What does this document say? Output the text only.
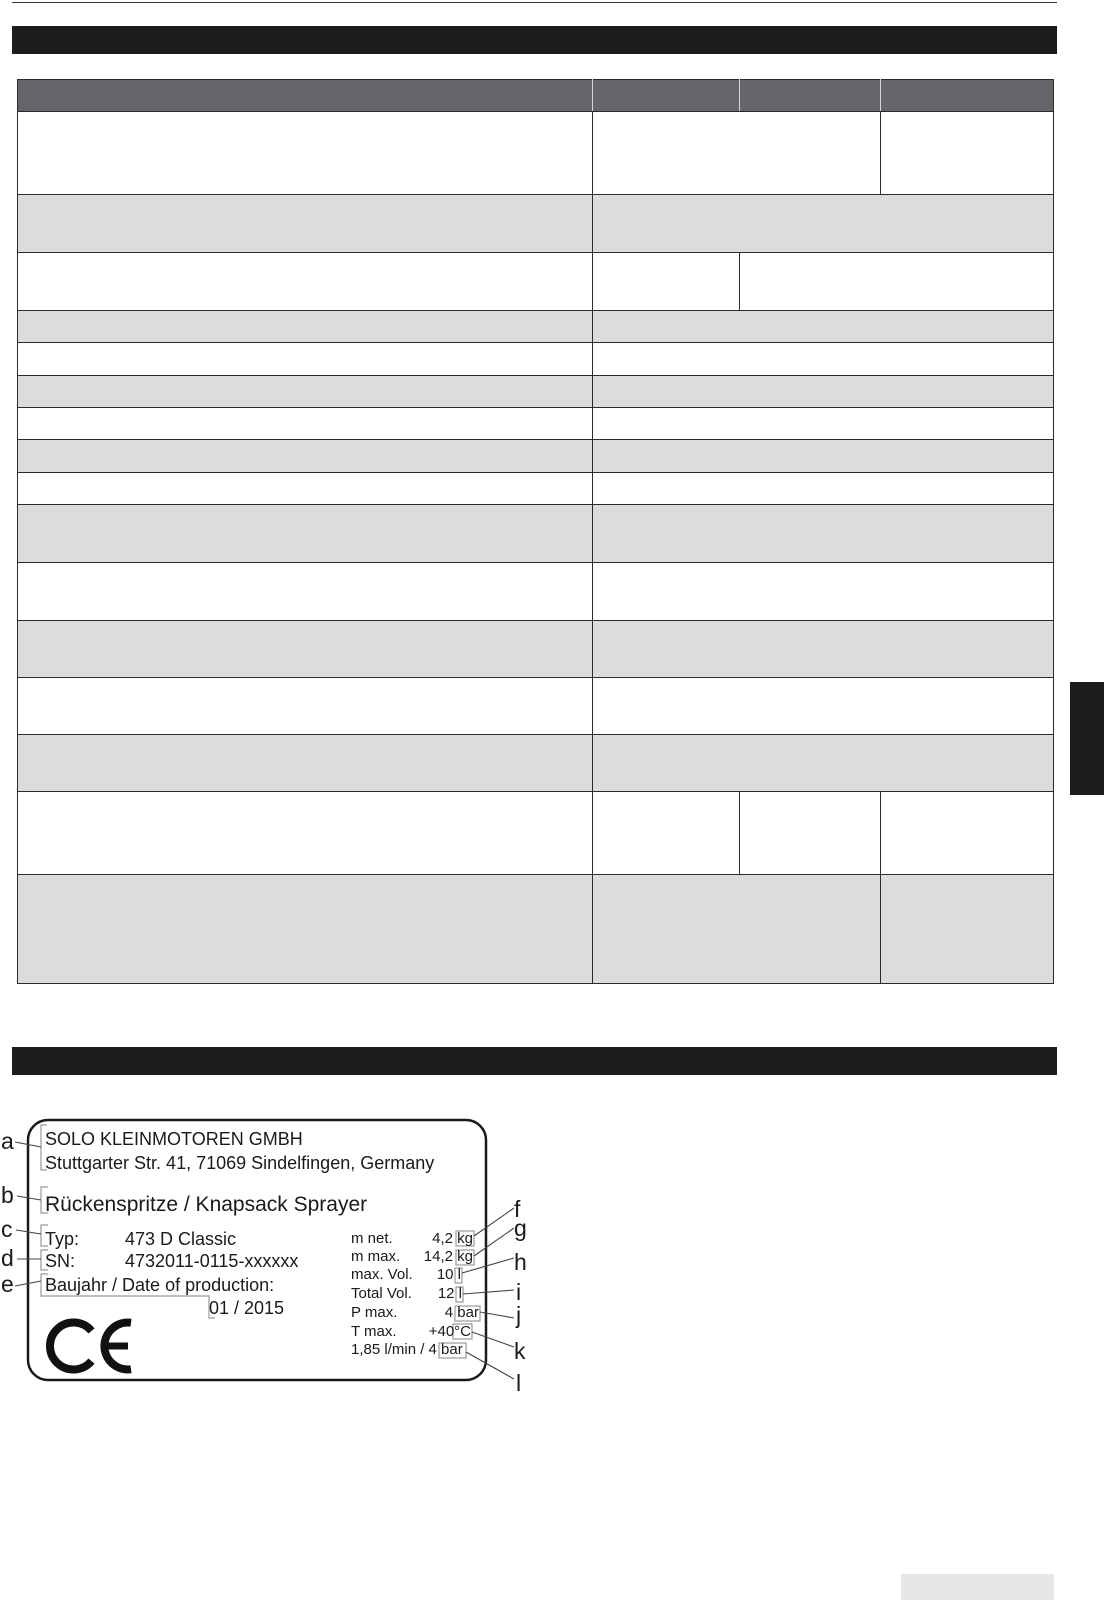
SOLO KLEINMOTOREN GMBH
Stuttgarter Str. 41, 71069 Sindelfingen, Germany
Rückenspritze / Knapsack Sprayer
Typ:	473 D Classic
SN:	4732011-0115-xxxxxx
Baujahr / Date of production:
01 / 2015
m net.	4,2 kg
m max.	14,2 kg
max. Vol.	10 l
Total Vol.	12 l
P max.	4 bar
T max.	+40°C
1,85 l/min / 4 bar
a
b
c
d
e
f
g
h
i
j
k
l
